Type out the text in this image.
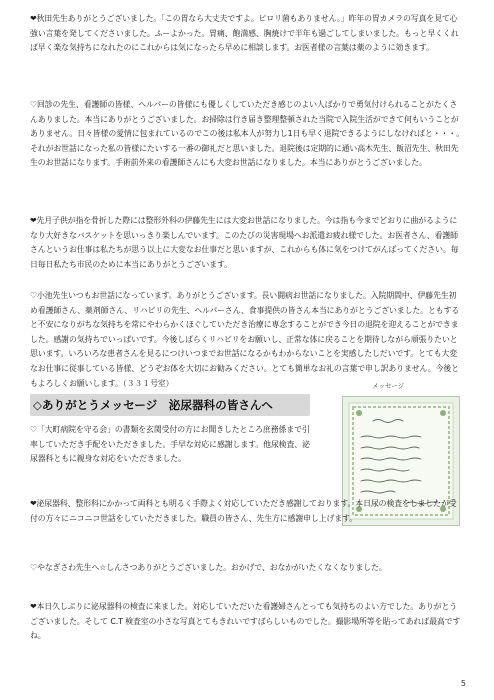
❤秋田先生ありがとうございました。「この胃なら大丈夫ですよ。ピロリ菌もありません。」昨年の胃カメラの写真を見て心強い言葉を発してくださいました。ふーよかった。胃痛、飽満感、胸焼けで半年も過ごしてしまいました。もっと早くくれば早く楽な気持ちになれたのにこれからは気になったら早めに相談します。お医者様の言葉は薬のように効きます。

♡回診の先生、看護師の皆様、ヘルパーの皆様にも優しくしていただき感じのよい人ばかりで勇気付けられることがたくさんありました。本当にありがとうございました。お掃除は行き届き整理整頓された当院で入院生活ができて何もいうことがありません。日々皆様の愛情に包まれているのでこの後は私本人が努力し1日も早く退院できるようにしなければと・・・。それがお世話になった私の皆様にたいする一番の御礼だと思いました。退院後は定期的に通い高木先生、飯沼先生、秋田先生のお世話になります。手術前外来の看護師さんにも大変お世話になりました。本当にありがとうございました。

❤先月子供が指を骨折した際には整形外科の伊藤先生には大変お世話になりました。今は指も今までどおりに曲がるようになり大好きなバスケットを思いっきり楽しんでいます。このたびの災害現場へお派遣お疲れ様でした。お医者さん、看護師さんというお仕事は私たちが思う以上に大変なお仕事だと思いますが、これからも体に気をつけてがんばってください。毎日毎日私たち市民のために本当にありがとうございます。

♡小池先生いつもお世話になっています。ありがとうございます。長い闘病お世話になりました。入院期間中、伊藤先生初め看護師さん、薬剤師さん、リハビリの先生、ヘルパーさん、食事提供の皆さん本当にありがとうございました。ともすると不安になりがちな気持ちを常にやわらかくほぐしていただき治療に専念することができ今日の退院を迎えることができました。感謝の気持ちでいっぱいです。今後しばらくリハビリをお願いし、正常な体に戻ることを期待しながら頑張りたいと思います。いろいろな患者さんを見るにつけいつまでお世話になるかもわからないことを実感したしだいです。とても大変なお仕事に従事している皆様、どうぞお体を大切にお勧みください。とても簡単なお礼の言葉で申し訳ありません。今後ともよろしくお願いします。（３３１号室）

◇ありがとうメッセージ　泌尿器科の皆さんへ
メッセージ

♡「大町病院を守る会」の書類を玄関受付の方にお聞きしたところ庶務係まで引率していただき手配をいただきました。手早な対応に感謝します。他尿検査、泌尿器科ともに親身な対応をいただきました。

❤泌尿器科、整形科にかかって両科とも明るく手際よく対応していただき感謝しております。本日尿の検査をしましたが受付の方々にニコニコ世話をしていただきました。職員の皆さん、先生方に感謝申し上げます。

♡やなぎさわ先生へ☆しんさつありがとうございました。おかげで、おなかがいたくなくなりました。

❤本日久しぶりに泌尿器科の検査に来ました。対応していただいた看護婦さんとっても気持ちのよい方でした。ありがとうございました。そして C.T 検査室の小さな写真とてもきれいですばらしいものでした。撮影場所等を貼ってあれば最高ですね。

5
